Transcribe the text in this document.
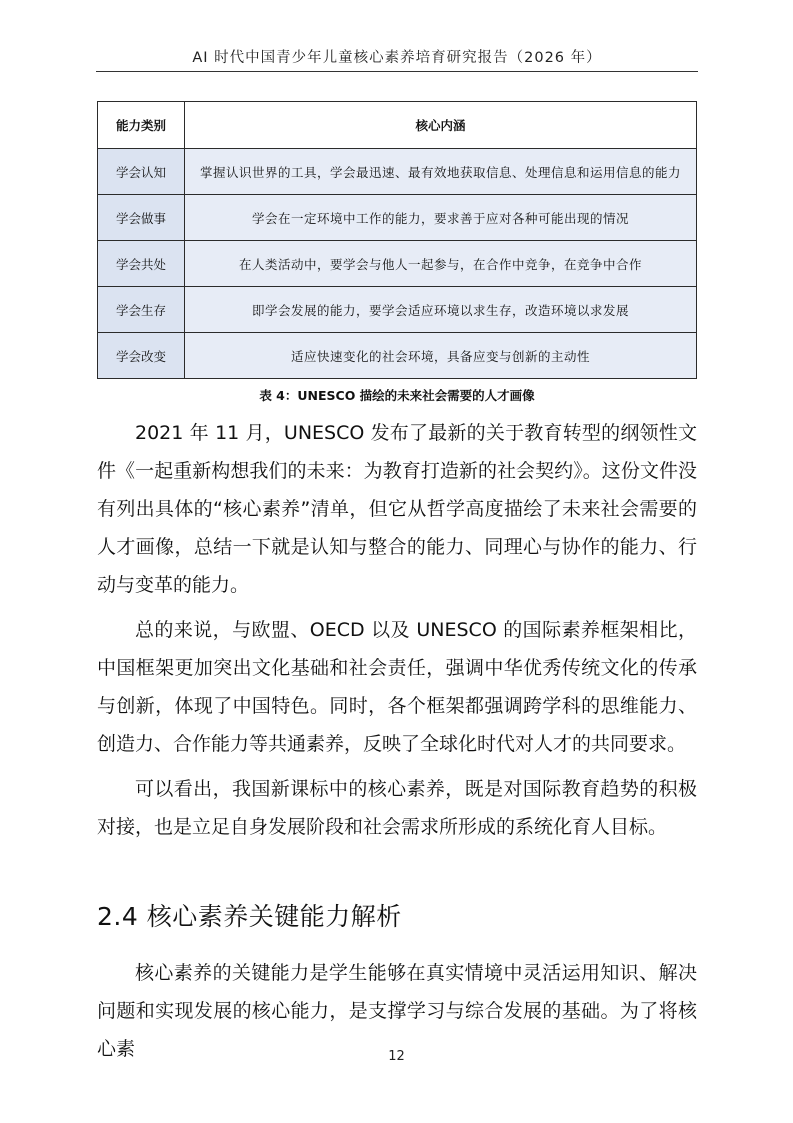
AI 时代中国青少年儿童核心素养培育研究报告（2026 年）
能力类别	核心内涵
学会认知	掌握认识世界的工具，学会最迅速、最有效地获取信息、处理信息和运用信息的能力
学会做事	学会在一定环境中工作的能力，要求善于应对各种可能出现的情况
学会共处	在人类活动中，要学会与他人一起参与，在合作中竞争，在竞争中合作
学会生存	即学会发展的能力，要学会适应环境以求生存，改造环境以求发展
学会改变	适应快速变化的社会环境，具备应变与创新的主动性
表 4：UNESCO 描绘的未来社会需要的人才画像

2021 年 11 月，UNESCO 发布了最新的关于教育转型的纲领性文件《一起重新构想我们的未来：为教育打造新的社会契约》。这份文件没有列出具体的“核心素养”清单，但它从哲学高度描绘了未来社会需要的人才画像，总结一下就是认知与整合的能力、同理心与协作的能力、行动与变革的能力。

总的来说，与欧盟、OECD 以及 UNESCO 的国际素养框架相比，中国框架更加突出文化基础和社会责任，强调中华优秀传统文化的传承与创新，体现了中国特色。同时，各个框架都强调跨学科的思维能力、创造力、合作能力等共通素养，反映了全球化时代对人才的共同要求。

可以看出，我国新课标中的核心素养，既是对国际教育趋势的积极对接，也是立足自身发展阶段和社会需求所形成的系统化育人目标。

2.4 核心素养关键能力解析

核心素养的关键能力是学生能够在真实情境中灵活运用知识、解决问题和实现发展的核心能力，是支撑学习与综合发展的基础。为了将核心素	12
